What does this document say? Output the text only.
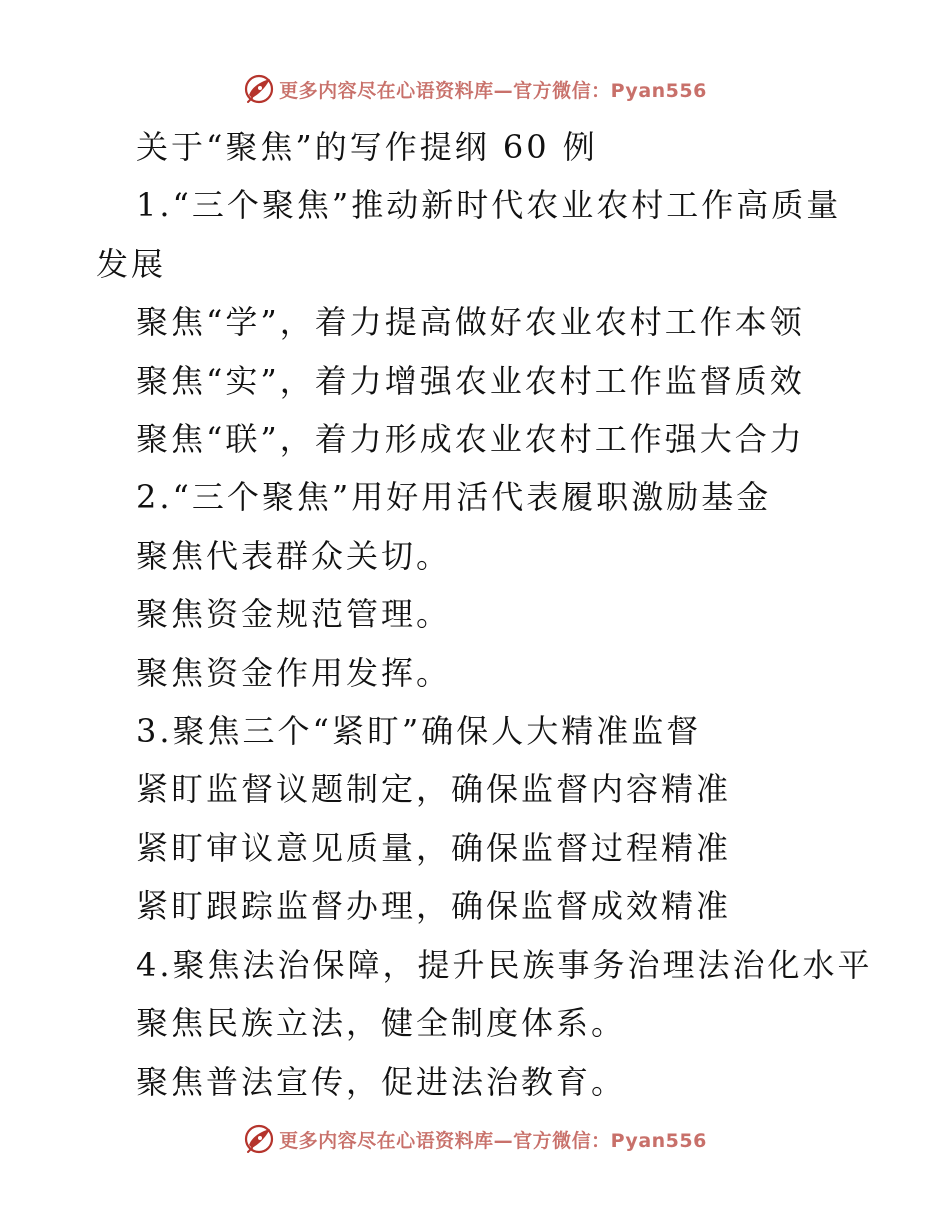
更多内容尽在心语资料库—官方微信：Pyan556

关于“聚焦”的写作提纲 60 例

1.“三个聚焦”推动新时代农业农村工作高质量

发展

聚焦“学”，着力提高做好农业农村工作本领

聚焦“实”，着力增强农业农村工作监督质效

聚焦“联”，着力形成农业农村工作强大合力

2.“三个聚焦”用好用活代表履职激励基金

聚焦代表群众关切。

聚焦资金规范管理。

聚焦资金作用发挥。

3.聚焦三个“紧盯”确保人大精准监督

紧盯监督议题制定，确保监督内容精准

紧盯审议意见质量，确保监督过程精准

紧盯跟踪监督办理，确保监督成效精准

4.聚焦法治保障，提升民族事务治理法治化水平

聚焦民族立法，健全制度体系。

聚焦普法宣传，促进法治教育。

更多内容尽在心语资料库—官方微信：Pyan556
